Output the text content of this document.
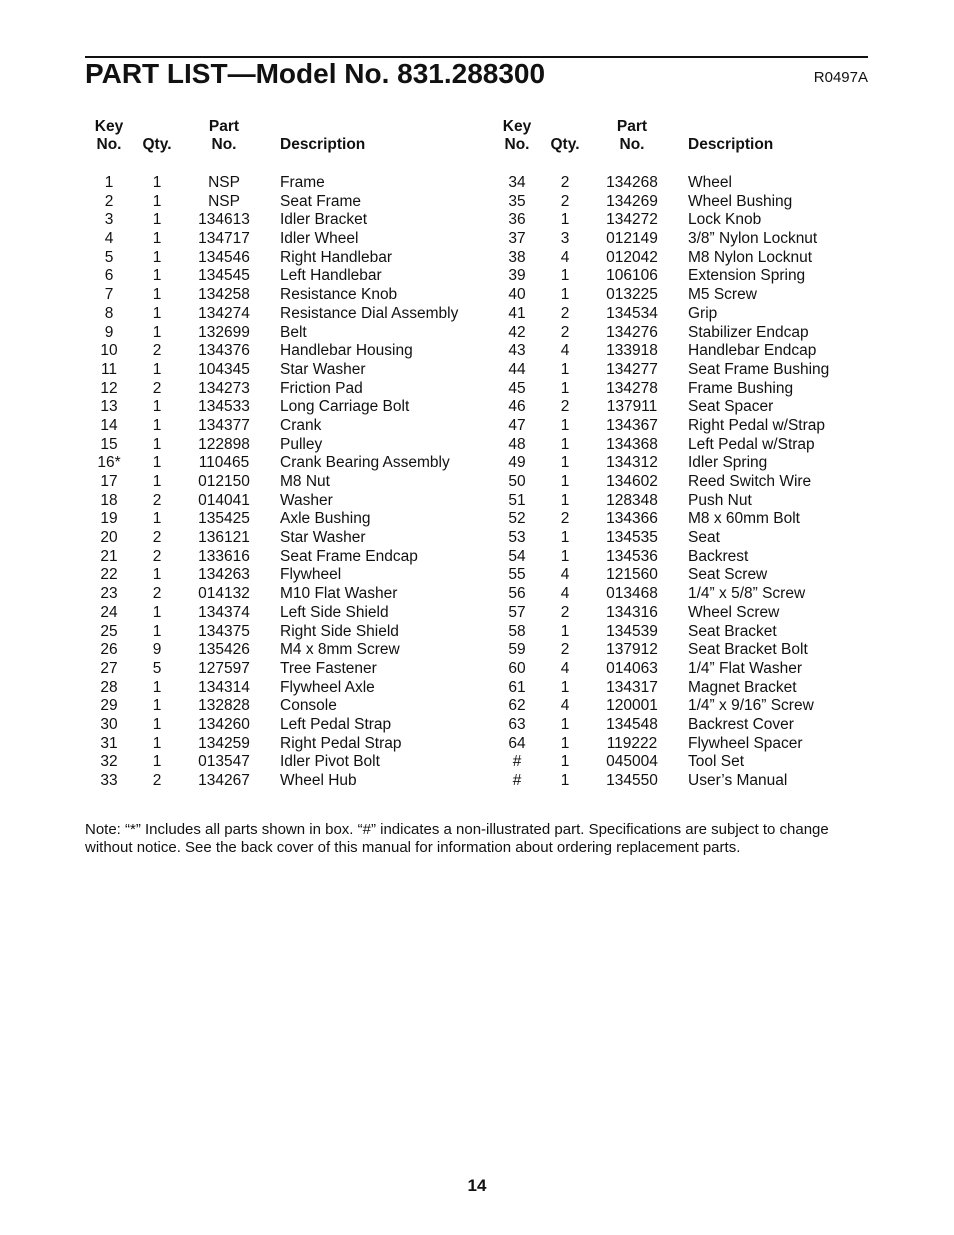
PART LIST—Model No. 831.288300	R0497A
Key
No.	Qty.
Part
No.	Description
1	1	NSP	Frame
2	1	NSP	Seat Frame
3	1	134613	Idler Bracket
4	1	134717	Idler Wheel
5	1	134546	Right Handlebar
6	1	134545	Left Handlebar
7	1	134258	Resistance Knob
8	1	134274	Resistance Dial Assembly
9	1	132699	Belt
10	2	134376	Handlebar Housing
11	1	104345	Star Washer
12	2	134273	Friction Pad
13	1	134533	Long Carriage Bolt
14	1	134377	Crank
15	1	122898	Pulley
16*	1	110465	Crank Bearing Assembly
17	1	012150	M8 Nut
18	2	014041	Washer
19	1	135425	Axle Bushing
20	2	136121	Star Washer
21	2	133616	Seat Frame Endcap
22	1	134263	Flywheel
23	2	014132	M10 Flat Washer
24	1	134374	Left Side Shield
25	1	134375	Right Side Shield
26	9	135426	M4 x 8mm Screw
27	5	127597	Tree Fastener
28	1	134314	Flywheel Axle
29	1	132828	Console
30	1	134260	Left Pedal Strap
31	1	134259	Right Pedal Strap
32	1	013547	Idler Pivot Bolt
33	2	134267	Wheel Hub
Key
No.	Qty.
Part
No.	Description
34	2	134268	Wheel
35	2	134269	Wheel Bushing
36	1	134272	Lock Knob
37	3	012149	3/8” Nylon Locknut
38	4	012042	M8 Nylon Locknut
39	1	106106	Extension Spring
40	1	013225	M5 Screw
41	2	134534	Grip
42	2	134276	Stabilizer Endcap
43	4	133918	Handlebar Endcap
44	1	134277	Seat Frame Bushing
45	1	134278	Frame Bushing
46	2	137911	Seat Spacer
47	1	134367	Right Pedal w/Strap
48	1	134368	Left Pedal w/Strap
49	1	134312	Idler Spring
50	1	134602	Reed Switch Wire
51	1	128348	Push Nut
52	2	134366	M8 x 60mm Bolt
53	1	134535	Seat
54	1	134536	Backrest
55	4	121560	Seat Screw
56	4	013468	1/4” x 5/8” Screw
57	2	134316	Wheel Screw
58	1	134539	Seat Bracket
59	2	137912	Seat Bracket Bolt
60	4	014063	1/4” Flat Washer
61	1	134317	Magnet Bracket
62	4	120001	1/4” x 9/16” Screw
63	1	134548	Backrest Cover
64	1	119222	Flywheel Spacer
#	1	045004	Tool Set
#	1	134550	User’s Manual
Note: “*” Includes all parts shown in box. “#” indicates a non-illustrated part. Specifications are subject to change without notice. See the back cover of this manual for information about ordering replacement parts.
14
